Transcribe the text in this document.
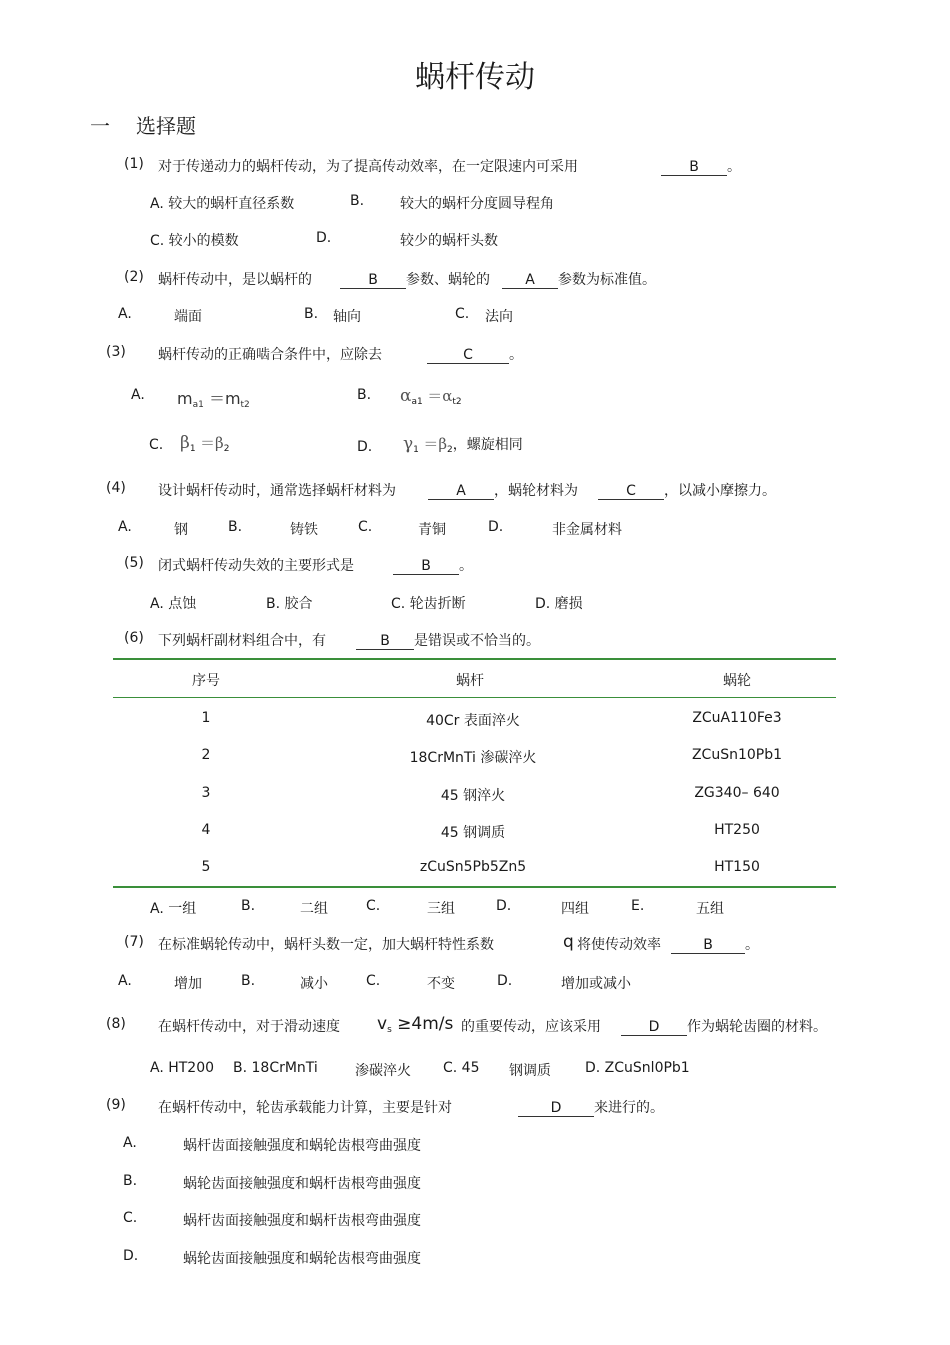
蜗杆传动
一 选择题
(1) 对于传递动力的蜗杆传动，为了提高传动效率，在一定限速内可采用	B 。
A. 较大的蜗杆直径系数	B.	较大的蜗杆分度圆导程角
C. 较小的模数	D.	较少的蜗杆头数
(2) 蜗杆传动中，是以蜗杆的	B 参数、蜗轮的	A 参数为标准值。
A.	端面	B. 轴向	C. 法向
(3) 蜗杆传动的正确啮合条件中，应除去	C	。
A. $m_{a1} =m_{t2}$
B. $\alpha_{a1} =\alpha_{t2}$
C. $\beta_1 =\beta_2$	D. $\gamma_1 =\beta_2$，螺旋相同
(4) 设计蜗杆传动时，通常选择蜗杆材料为	A ，蜗轮材料为	C ，以减小摩擦力。
A.	钢	B.	铸铁	C.	青铜	D.	非金属材料
(5) 闭式蜗杆传动失效的主要形式是	B 。
A. 点蚀	B. 胶合	C. 轮齿折断	D. 磨损
(6) 下列蜗杆副材料组合中，有	B 是错误或不恰当的。
序号	蜗杆	蜗轮
1	40Cr 表面淬火	ZCuA110Fe3
2	18CrMnTi 渗碳淬火	ZCuSn10Pb1
3	45 钢淬火	ZG340– 640
4	45 钢调质	HT250
5	zCuSn5Pb5Zn5	HT150
A. 一组	B.	二组	C.	三组	D.	四组	E.	五组
(7) 在标准蜗轮传动中，蜗杆头数一定，加大蜗杆特性系数	q 将使传动效率	B 。
A.	增加	B.	减小	C.	不变	D.	增加或减小
(8) 在蜗杆传动中，对于滑动速度 $v_s \ge 4m/s$ 的重要传动，应该采用	D 作为蜗轮齿圈的材料。
A. HT200 B. 18CrMnTi	渗碳淬火 C. 45 钢调质 D. ZCuSnl0Pb1
(9) 在蜗杆传动中，轮齿承载能力计算，主要是针对	D 来进行的。
A.	蜗杆齿面接触强度和蜗轮齿根弯曲强度
B.	蜗轮齿面接触强度和蜗杆齿根弯曲强度
C.	蜗杆齿面接触强度和蜗杆齿根弯曲强度
D.	蜗轮齿面接触强度和蜗轮齿根弯曲强度
